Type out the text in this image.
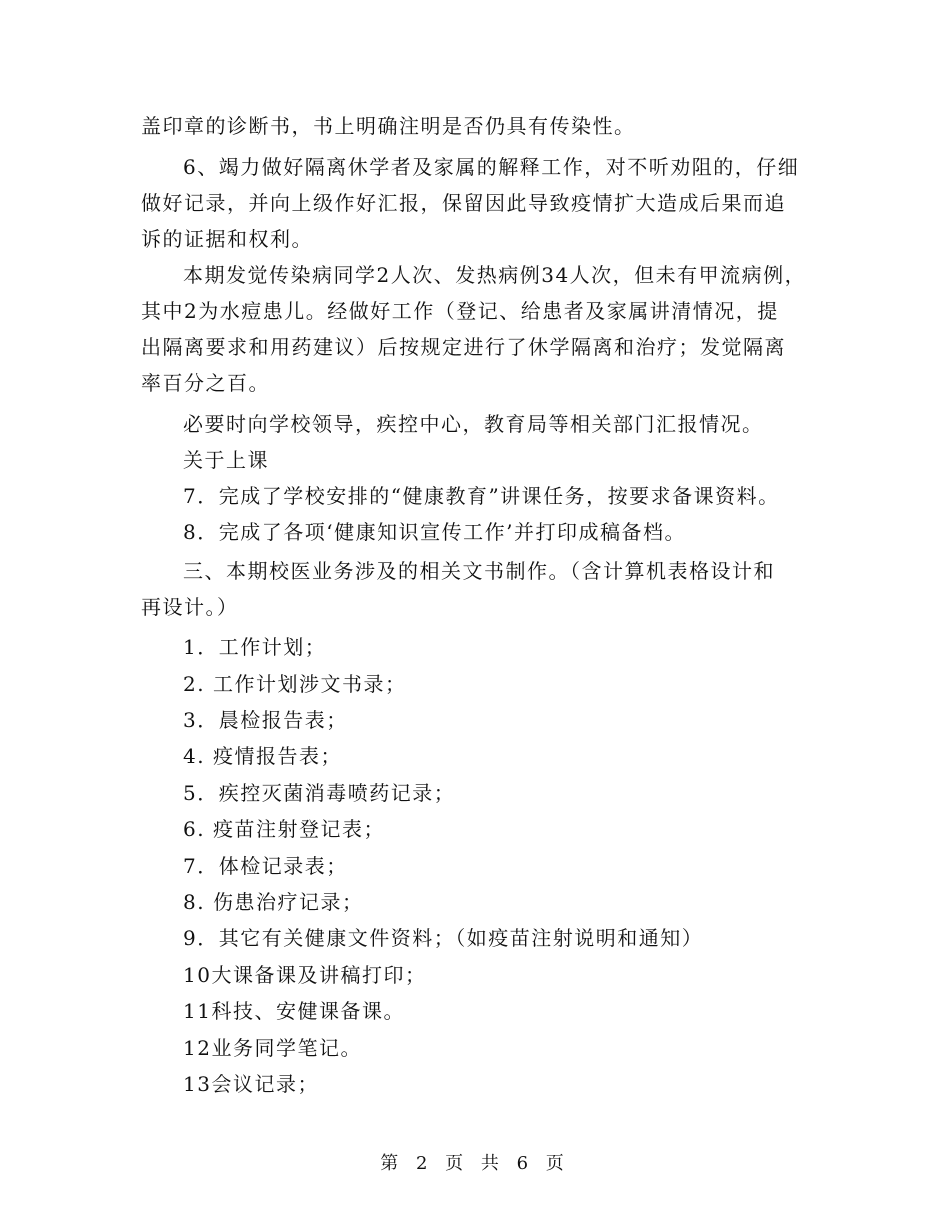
盖印章的诊断书，书上明确注明是否仍具有传染性。
6、竭力做好隔离休学者及家属的解释工作，对不听劝阻的，仔细
做好记录，并向上级作好汇报，保留因此导致疫情扩大造成后果而追
诉的证据和权利。
本期发觉传染病同学2人次、发热病例34人次，但未有甲流病例，
其中2为水痘患儿。经做好工作（登记、给患者及家属讲清情况，提
出隔离要求和用药建议）后按规定进行了休学隔离和治疗；发觉隔离
率百分之百。
必要时向学校领导，疾控中心，教育局等相关部门汇报情况。
关于上课
7．完成了学校安排的“健康教育”讲课任务，按要求备课资料。
8．完成了各项‘健康知识宣传工作’并打印成稿备档。
三、本期校医业务涉及的相关文书制作。（含计算机表格设计和
再设计。）
1．工作计划；
2. 工作计划涉文书录；
3．晨检报告表；
4. 疫情报告表；
5．疾控灭菌消毒喷药记录；
6. 疫苗注射登记表；
7．体检记录表；
8. 伤患治疗记录；
9．其它有关健康文件资料；（如疫苗注射说明和通知）
10大课备课及讲稿打印；
11科技、安健课备课。
12业务同学笔记。
13会议记录；
第 2 页 共 6 页
